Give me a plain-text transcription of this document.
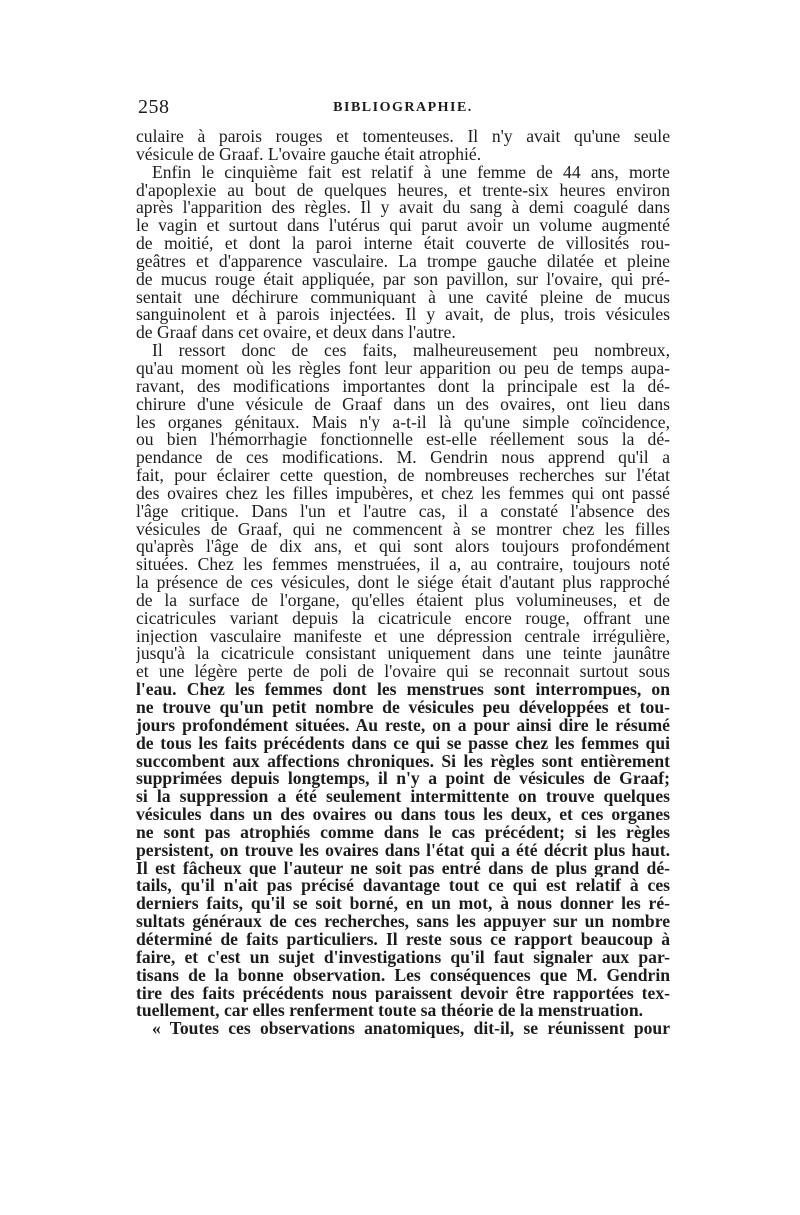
258	BIBLIOGRAPHIE.
culaire à parois rouges et tomenteuses. Il n'y avait qu'une seule
vésicule de Graaf. L'ovaire gauche était atrophié.
Enfin le cinquième fait est relatif à une femme de 44 ans, morte
d'apoplexie au bout de quelques heures, et trente-six heures environ
après l'apparition des règles. Il y avait du sang à demi coagulé dans
le vagin et surtout dans l'utérus qui parut avoir un volume augmenté
de moitié, et dont la paroi interne était couverte de villosités rou-
geâtres et d'apparence vasculaire. La trompe gauche dilatée et pleine
de mucus rouge était appliquée, par son pavillon, sur l'ovaire, qui pré-
sentait une déchirure communiquant à une cavité pleine de mucus
sanguinolent et à parois injectées. Il y avait, de plus, trois vésicules
de Graaf dans cet ovaire, et deux dans l'autre.
Il ressort donc de ces faits, malheureusement peu nombreux,
qu'au moment où les règles font leur apparition ou peu de temps aupa-
ravant, des modifications importantes dont la principale est la dé-
chirure d'une vésicule de Graaf dans un des ovaires, ont lieu dans
les organes génitaux. Mais n'y a-t-il là qu'une simple coïncidence,
ou bien l'hémorrhagie fonctionnelle est-elle réellement sous la dé-
pendance de ces modifications. M. Gendrin nous apprend qu'il a
fait, pour éclairer cette question, de nombreuses recherches sur l'état
des ovaires chez les filles impubères, et chez les femmes qui ont passé
l'âge critique. Dans l'un et l'autre cas, il a constaté l'absence des
vésicules de Graaf, qui ne commencent à se montrer chez les filles
qu'après l'âge de dix ans, et qui sont alors toujours profondément
situées. Chez les femmes menstruées, il a, au contraire, toujours noté
la présence de ces vésicules, dont le siége était d'autant plus rapproché
de la surface de l'organe, qu'elles étaient plus volumineuses, et de
cicatricules variant depuis la cicatricule encore rouge, offrant une
injection vasculaire manifeste et une dépression centrale irrégulière,
jusqu'à la cicatricule consistant uniquement dans une teinte jaunâtre
et une légère perte de poli de l'ovaire qui se reconnait surtout sous
l'eau. Chez les femmes dont les menstrues sont interrompues, on
ne trouve qu'un petit nombre de vésicules peu développées et tou-
jours profondément situées. Au reste, on a pour ainsi dire le résumé
de tous les faits précédents dans ce qui se passe chez les femmes qui
succombent aux affections chroniques. Si les règles sont entièrement
supprimées depuis longtemps, il n'y a point de vésicules de Graaf;
si la suppression a été seulement intermittente on trouve quelques
vésicules dans un des ovaires ou dans tous les deux, et ces organes
ne sont pas atrophiés comme dans le cas précédent; si les règles
persistent, on trouve les ovaires dans l'état qui a été décrit plus haut.
Il est fâcheux que l'auteur ne soit pas entré dans de plus grand dé-
tails, qu'il n'ait pas précisé davantage tout ce qui est relatif à ces
derniers faits, qu'il se soit borné, en un mot, à nous donner les ré-
sultats généraux de ces recherches, sans les appuyer sur un nombre
déterminé de faits particuliers. Il reste sous ce rapport beaucoup à
faire, et c'est un sujet d'investigations qu'il faut signaler aux par-
tisans de la bonne observation. Les conséquences que M. Gendrin
tire des faits précédents nous paraissent devoir être rapportées tex-
tuellement, car elles renferment toute sa théorie de la menstruation.
« Toutes ces observations anatomiques, dit-il, se réunissent pour
